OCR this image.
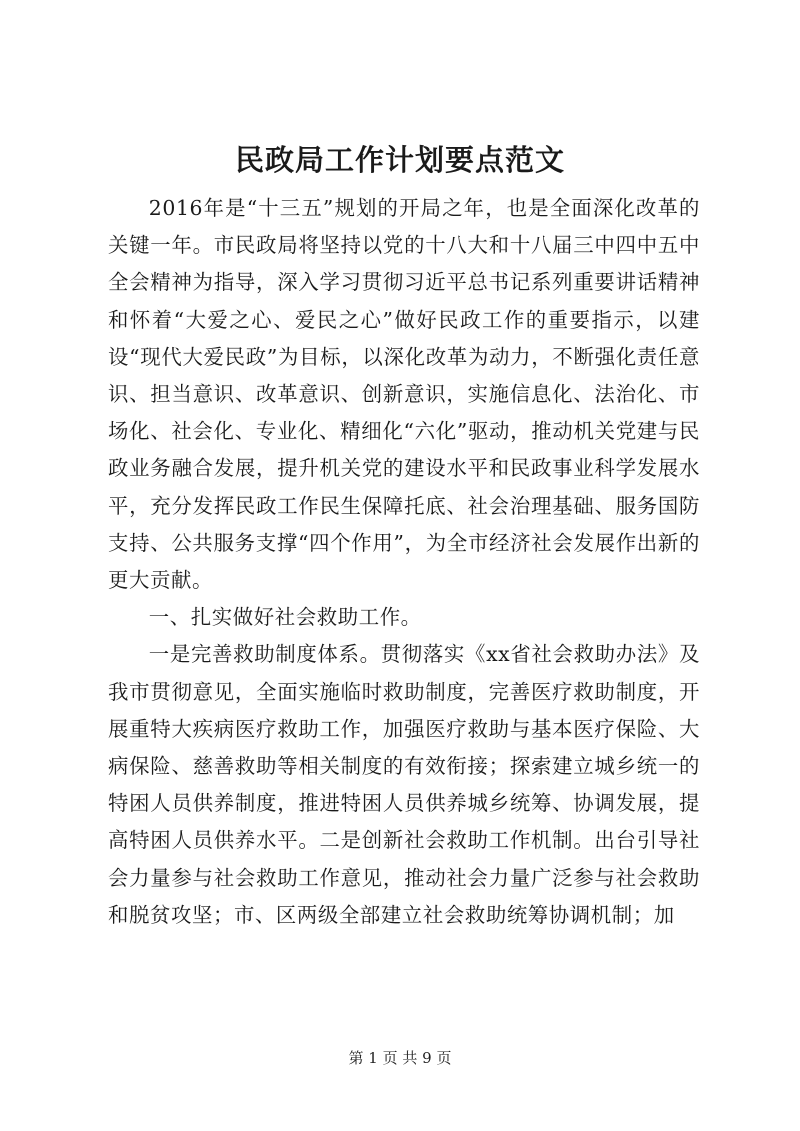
民政局工作计划要点范文

2016年是“十三五”规划的开局之年，也是全面深化改革的关键一年。市民政局将坚持以党的十八大和十八届三中四中五中全会精神为指导，深入学习贯彻习近平总书记系列重要讲话精神和怀着“大爱之心、爱民之心”做好民政工作的重要指示，以建设“现代大爱民政”为目标，以深化改革为动力，不断强化责任意识、担当意识、改革意识、创新意识，实施信息化、法治化、市场化、社会化、专业化、精细化“六化”驱动，推动机关党建与民政业务融合发展，提升机关党的建设水平和民政事业科学发展水平，充分发挥民政工作民生保障托底、社会治理基础、服务国防支持、公共服务支撑“四个作用”，为全市经济社会发展作出新的更大贡献。

一、扎实做好社会救助工作。

一是完善救助制度体系。贯彻落实《xx省社会救助办法》及我市贯彻意见，全面实施临时救助制度，完善医疗救助制度，开展重特大疾病医疗救助工作，加强医疗救助与基本医疗保险、大病保险、慈善救助等相关制度的有效衔接；探索建立城乡统一的特困人员供养制度，推进特困人员供养城乡统筹、协调发展，提高特困人员供养水平。二是创新社会救助工作机制。出台引导社会力量参与社会救助工作意见，推动社会力量广泛参与社会救助和脱贫攻坚；市、区两级全部建立社会救助统筹协调机制；加

第 1 页 共 9 页
